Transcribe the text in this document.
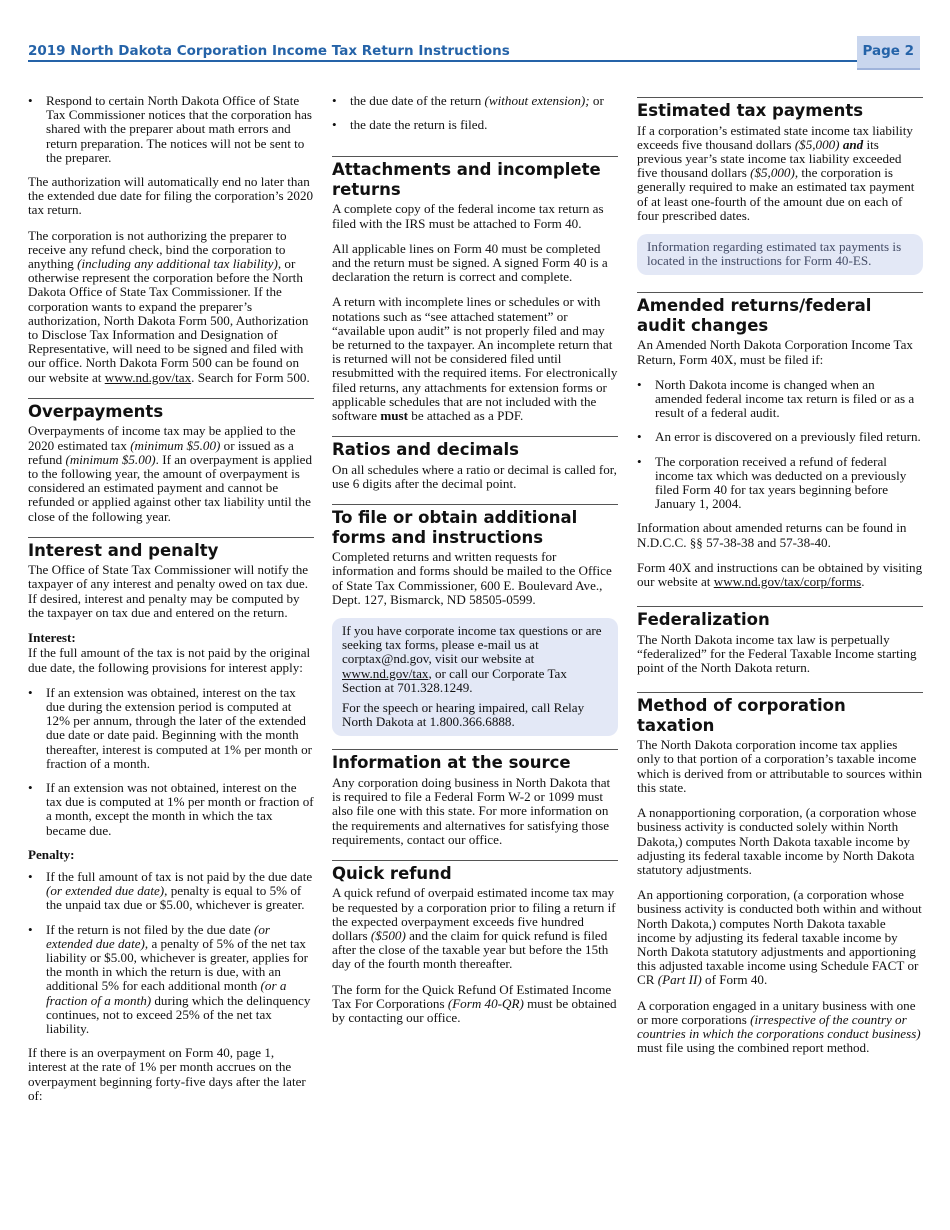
2019 North Dakota Corporation Income Tax Return Instructions	Page 2
• Respond to certain North Dakota Office of State Tax Commissioner notices that the corporation has shared with the preparer about math errors and return preparation. The notices will not be sent to the preparer.

The authorization will automatically end no later than the extended due date for filing the corporation’s 2020 tax return.

The corporation is not authorizing the preparer to receive any refund check, bind the corporation to anything (including any additional tax liability), or otherwise represent the corporation before the North Dakota Office of State Tax Commissioner. If the corporation wants to expand the preparer’s authorization, North Dakota Form 500, Authorization to Disclose Tax Information and Designation of Representative, will need to be signed and filed with our office. North Dakota Form 500 can be found on our website at www.nd.gov/tax. Search for Form 500.

Overpayments

Overpayments of income tax may be applied to the 2020 estimated tax (minimum $5.00) or issued as a refund (minimum $5.00). If an overpayment is applied to the following year, the amount of overpayment is considered an estimated payment and cannot be refunded or applied against other tax liability until the close of the following year.

Interest and penalty

The Office of State Tax Commissioner will notify the taxpayer of any interest and penalty owed on tax due. If desired, interest and penalty may be computed by the taxpayer on tax due and entered on the return.

Interest:

If the full amount of the tax is not paid by the original due date, the following provisions for interest apply:

• If an extension was obtained, interest on the tax due during the extension period is computed at 12% per annum, through the later of the extended due date or date paid. Beginning with the month thereafter, interest is computed at 1% per month or fraction of a month.
• If an extension was not obtained, interest on the tax due is computed at 1% per month or fraction of a month, except the month in which the tax became due.
Penalty:
• If the full amount of tax is not paid by the due date (or extended due date), penalty is equal to 5% of the unpaid tax due or $5.00, whichever is greater.
• If the return is not filed by the due date (or extended due date), a penalty of 5% of the net tax liability or $5.00, whichever is greater, applies for the month in which the return is due, with an additional 5% for each additional month (or a fraction of a month) during which the delinquency continues, not to exceed 25% of the net tax liability.

If there is an overpayment on Form 40, page 1, interest at the rate of 1% per month accrues on the overpayment beginning forty-five days after the later of:

• the due date of the return (without extension); or
• the date the return is filed.
Attachments and incomplete returns

A complete copy of the federal income tax return as filed with the IRS must be attached to Form 40.

All applicable lines on Form 40 must be completed and the return must be signed. A signed Form 40 is a declaration the return is correct and complete.

A return with incomplete lines or schedules or with notations such as “see attached statement” or “available upon audit” is not properly filed and may be returned to the taxpayer. An incomplete return that is returned will not be considered filed until resubmitted with the required items. For electronically filed returns, any attachments for extension forms or applicable schedules that are not included with the software must be attached as a PDF.

Ratios and decimals

On all schedules where a ratio or decimal is called for, use 6 digits after the decimal point.

To file or obtain additional forms and instructions

Completed returns and written requests for information and forms should be mailed to the Office of State Tax Commissioner, 600 E. Boulevard Ave., Dept. 127, Bismarck, ND 58505-0599.

If you have corporate income tax questions or are seeking tax forms, please e-mail us at corptax@nd.gov, visit our website at www.nd.gov/tax, or call our Corporate Tax Section at 701.328.1249.

For the speech or hearing impaired, call Relay North Dakota at 1.800.366.6888.

Information at the source

Any corporation doing business in North Dakota that is required to file a Federal Form W-2 or 1099 must also file one with this state. For more information on the requirements and alternatives for satisfying those requirements, contact our office.

Quick refund

A quick refund of overpaid estimated income tax may be requested by a corporation prior to filing a return if the expected overpayment exceeds five hundred dollars ($500) and the claim for quick refund is filed after the close of the taxable year but before the 15th day of the fourth month thereafter.

The form for the Quick Refund Of Estimated Income Tax For Corporations (Form 40-QR) must be obtained by contacting our office.

Estimated tax payments

If a corporation’s estimated state income tax liability exceeds five thousand dollars ($5,000) and its previous year’s state income tax liability exceeded five thousand dollars ($5,000), the corporation is generally required to make an estimated tax payment of at least one-fourth of the amount due on each of four prescribed dates.

Information regarding estimated tax payments is located in the instructions for Form 40-ES.

Amended returns/federal audit changes

An Amended North Dakota Corporation Income Tax Return, Form 40X, must be filed if:

• North Dakota income is changed when an amended federal income tax return is filed or as a result of a federal audit.
• An error is discovered on a previously filed return.
• The corporation received a refund of federal income tax which was deducted on a previously filed Form 40 for tax years beginning before January 1, 2004.

Information about amended returns can be found in N.D.C.C. §§ 57-38-38 and 57-38-40.

Form 40X and instructions can be obtained by visiting our website at www.nd.gov/tax/corp/forms.

Federalization

The North Dakota income tax law is perpetually “federalized” for the Federal Taxable Income starting point of the North Dakota return.

Method of corporation taxation

The North Dakota corporation income tax applies only to that portion of a corporation’s taxable income which is derived from or attributable to sources within this state.

A nonapportioning corporation, (a corporation whose business activity is conducted solely within North Dakota,) computes North Dakota taxable income by adjusting its federal taxable income by North Dakota statutory adjustments.

An apportioning corporation, (a corporation whose business activity is conducted both within and without North Dakota,) computes North Dakota taxable income by adjusting its federal taxable income by North Dakota statutory adjustments and apportioning this adjusted taxable income using Schedule FACT or CR (Part II) of Form 40.

A corporation engaged in a unitary business with one or more corporations (irrespective of the country or countries in which the corporations conduct business) must file using the combined report method.
